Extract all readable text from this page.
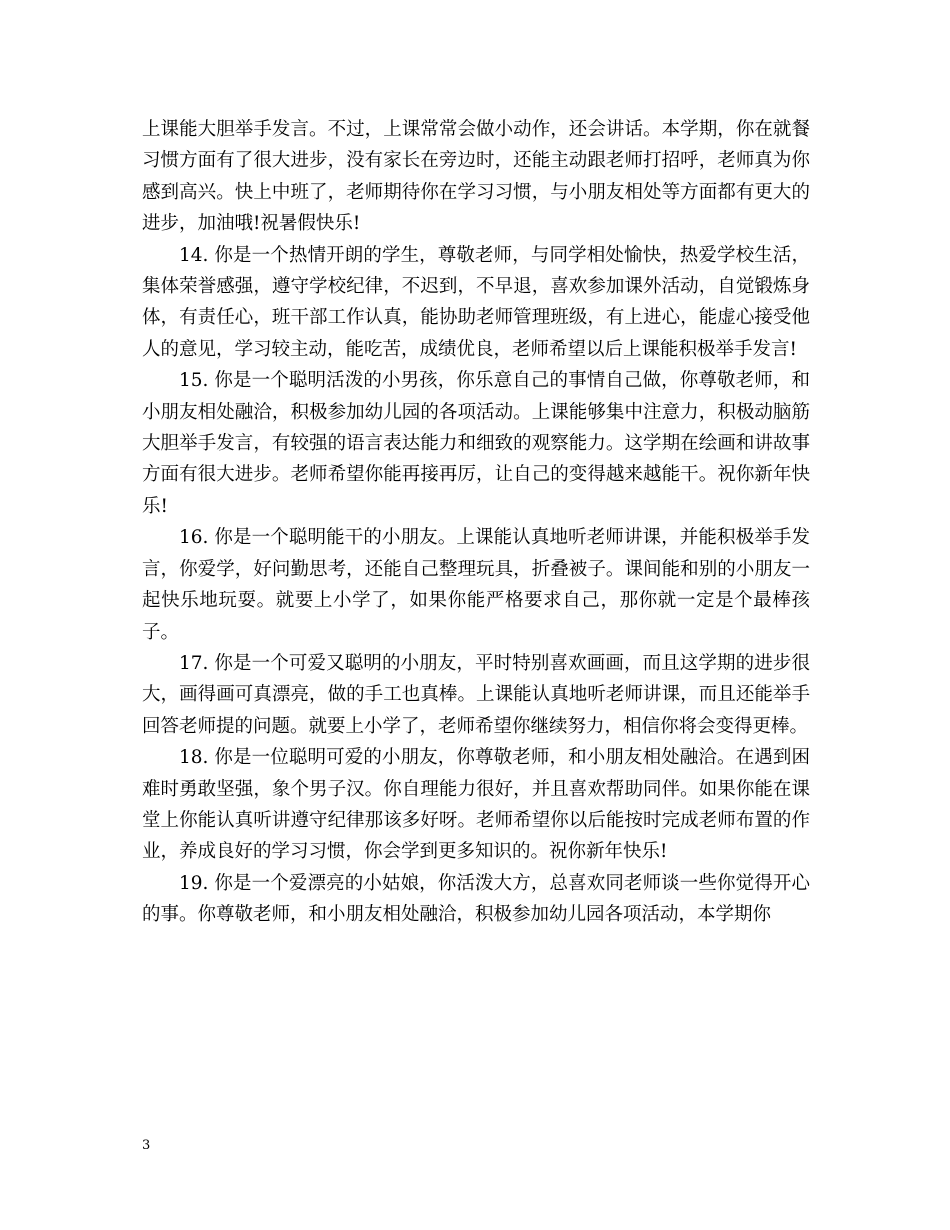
上课能大胆举手发言。不过，上课常常会做小动作，还会讲话。本学期，你在就餐习惯方面有了很大进步，没有家长在旁边时，还能主动跟老师打招呼，老师真为你感到高兴。快上中班了，老师期待你在学习习惯，与小朋友相处等方面都有更大的进步，加油哦!祝暑假快乐!

14. 你是一个热情开朗的学生，尊敬老师，与同学相处愉快，热爱学校生活，集体荣誉感强，遵守学校纪律，不迟到，不早退，喜欢参加课外活动，自觉锻炼身体，有责任心，班干部工作认真，能协助老师管理班级，有上进心，能虚心接受他人的意见，学习较主动，能吃苦，成绩优良，老师希望以后上课能积极举手发言!

15. 你是一个聪明活泼的小男孩，你乐意自己的事情自己做，你尊敬老师，和小朋友相处融洽，积极参加幼儿园的各项活动。上课能够集中注意力，积极动脑筋大胆举手发言，有较强的语言表达能力和细致的观察能力。这学期在绘画和讲故事方面有很大进步。老师希望你能再接再厉，让自己的变得越来越能干。祝你新年快乐!

16. 你是一个聪明能干的小朋友。上课能认真地听老师讲课，并能积极举手发言，你爱学，好问勤思考，还能自己整理玩具，折叠被子。课间能和别的小朋友一起快乐地玩耍。就要上小学了，如果你能严格要求自己，那你就一定是个最棒孩子。

17. 你是一个可爱又聪明的小朋友，平时特别喜欢画画，而且这学期的进步很大，画得画可真漂亮，做的手工也真棒。上课能认真地听老师讲课，而且还能举手回答老师提的问题。就要上小学了，老师希望你继续努力，相信你将会变得更棒。

18. 你是一位聪明可爱的小朋友，你尊敬老师，和小朋友相处融洽。在遇到困难时勇敢坚强，象个男子汉。你自理能力很好，并且喜欢帮助同伴。如果你能在课堂上你能认真听讲遵守纪律那该多好呀。老师希望你以后能按时完成老师布置的作业，养成良好的学习习惯，你会学到更多知识的。祝你新年快乐!

19. 你是一个爱漂亮的小姑娘，你活泼大方，总喜欢同老师谈一些你觉得开心的事。你尊敬老师，和小朋友相处融洽，积极参加幼儿园各项活动，本学期你

3
